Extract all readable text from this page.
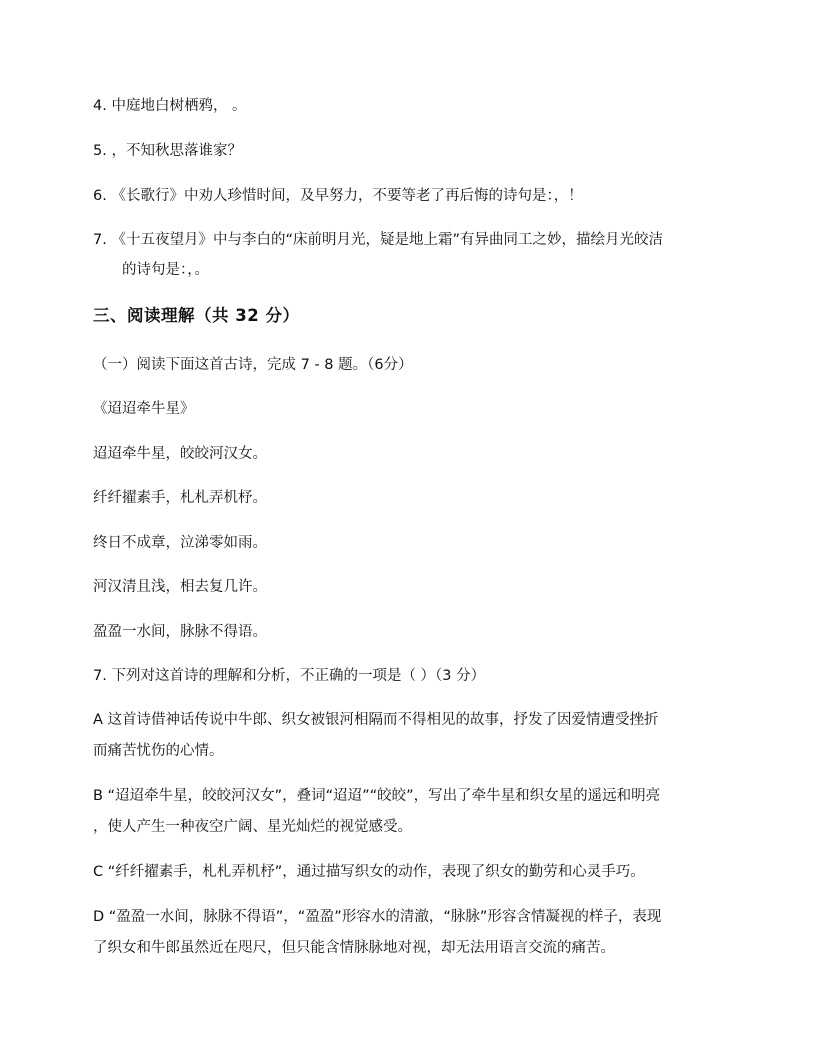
4. 中庭地白树栖鸦， 。
5. ，不知秋思落谁家？
6. 《长歌行》中劝人珍惜时间，及早努力，不要等老了再后悔的诗句是：，！
7. 《十五夜望月》中与李白的“床前明月光，疑是地上霜”有异曲同工之妙，描绘月光皎洁
的诗句是：，。
三、阅读理解（共 32 分）
（一）阅读下面这首古诗，完成 7 - 8 题。（6分）
《迢迢牵牛星》
迢迢牵牛星，皎皎河汉女。
纤纤擢素手，札札弄机杼。
终日不成章，泣涕零如雨。
河汉清且浅，相去复几许。
盈盈一水间，脉脉不得语。
7. 下列对这首诗的理解和分析，不正确的一项是（ ）（3 分）
A 这首诗借神话传说中牛郎、织女被银河相隔而不得相见的故事，抒发了因爱情遭受挫折
而痛苦忧伤的心情。
B “迢迢牵牛星，皎皎河汉女”，叠词“迢迢”“皎皎”，写出了牵牛星和织女星的遥远和明亮
，使人产生一种夜空广阔、星光灿烂的视觉感受。
C “纤纤擢素手，札札弄机杼”，通过描写织女的动作，表现了织女的勤劳和心灵手巧。
D “盈盈一水间，脉脉不得语”，“盈盈”形容水的清澈，“脉脉”形容含情凝视的样子，表现
了织女和牛郎虽然近在咫尺，但只能含情脉脉地对视，却无法用语言交流的痛苦。
